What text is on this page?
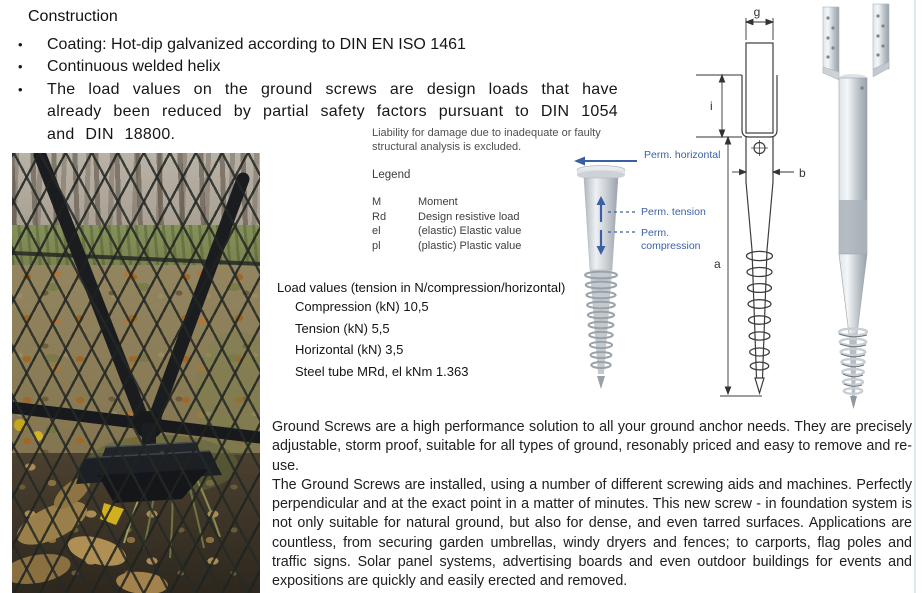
Construction
•	Coating: Hot-dip galvanized according to DIN EN ISO 1461
•	Continuous welded helix
•	The load values on the ground screws are design loads that have already been reduced by partial safety factors pursuant to DIN 1054 and DIN 18800.	Liability for damage due to inadequate or faulty
structural analysis is excluded.
Legend
M	Moment
Rd	Design resistive load
el	(elastic) Elastic value
pl	(plastic) Plastic value
Load values (tension in N/compression/horizontal)
Compression (kN) 10,5
Tension (kN) 5,5
Horizontal (kN) 3,5
Steel tube MRd, el kNm 1.363
Perm. horizontal
Perm. tension
Perm.
compression
g
i
b
a

Ground Screws are a high performance solution to all your ground anchor needs. They are precisely adjustable, storm proof, suitable for all types of ground, resonably priced and easy to remove and re-use.

The Ground Screws are installed, using a number of different screwing aids and machines. Perfectly perpendicular and at the exact point in a matter of minutes. This new screw - in foundation system is not only suitable for natural ground, but also for dense, and even tarred surfaces. Applications are countless, from securing garden umbrellas, windy dryers and fences; to carports, flag poles and traffic signs. Solar panel systems, advertising boards and even outdoor buildings for events and expositions are quickly and easily erected and removed.
